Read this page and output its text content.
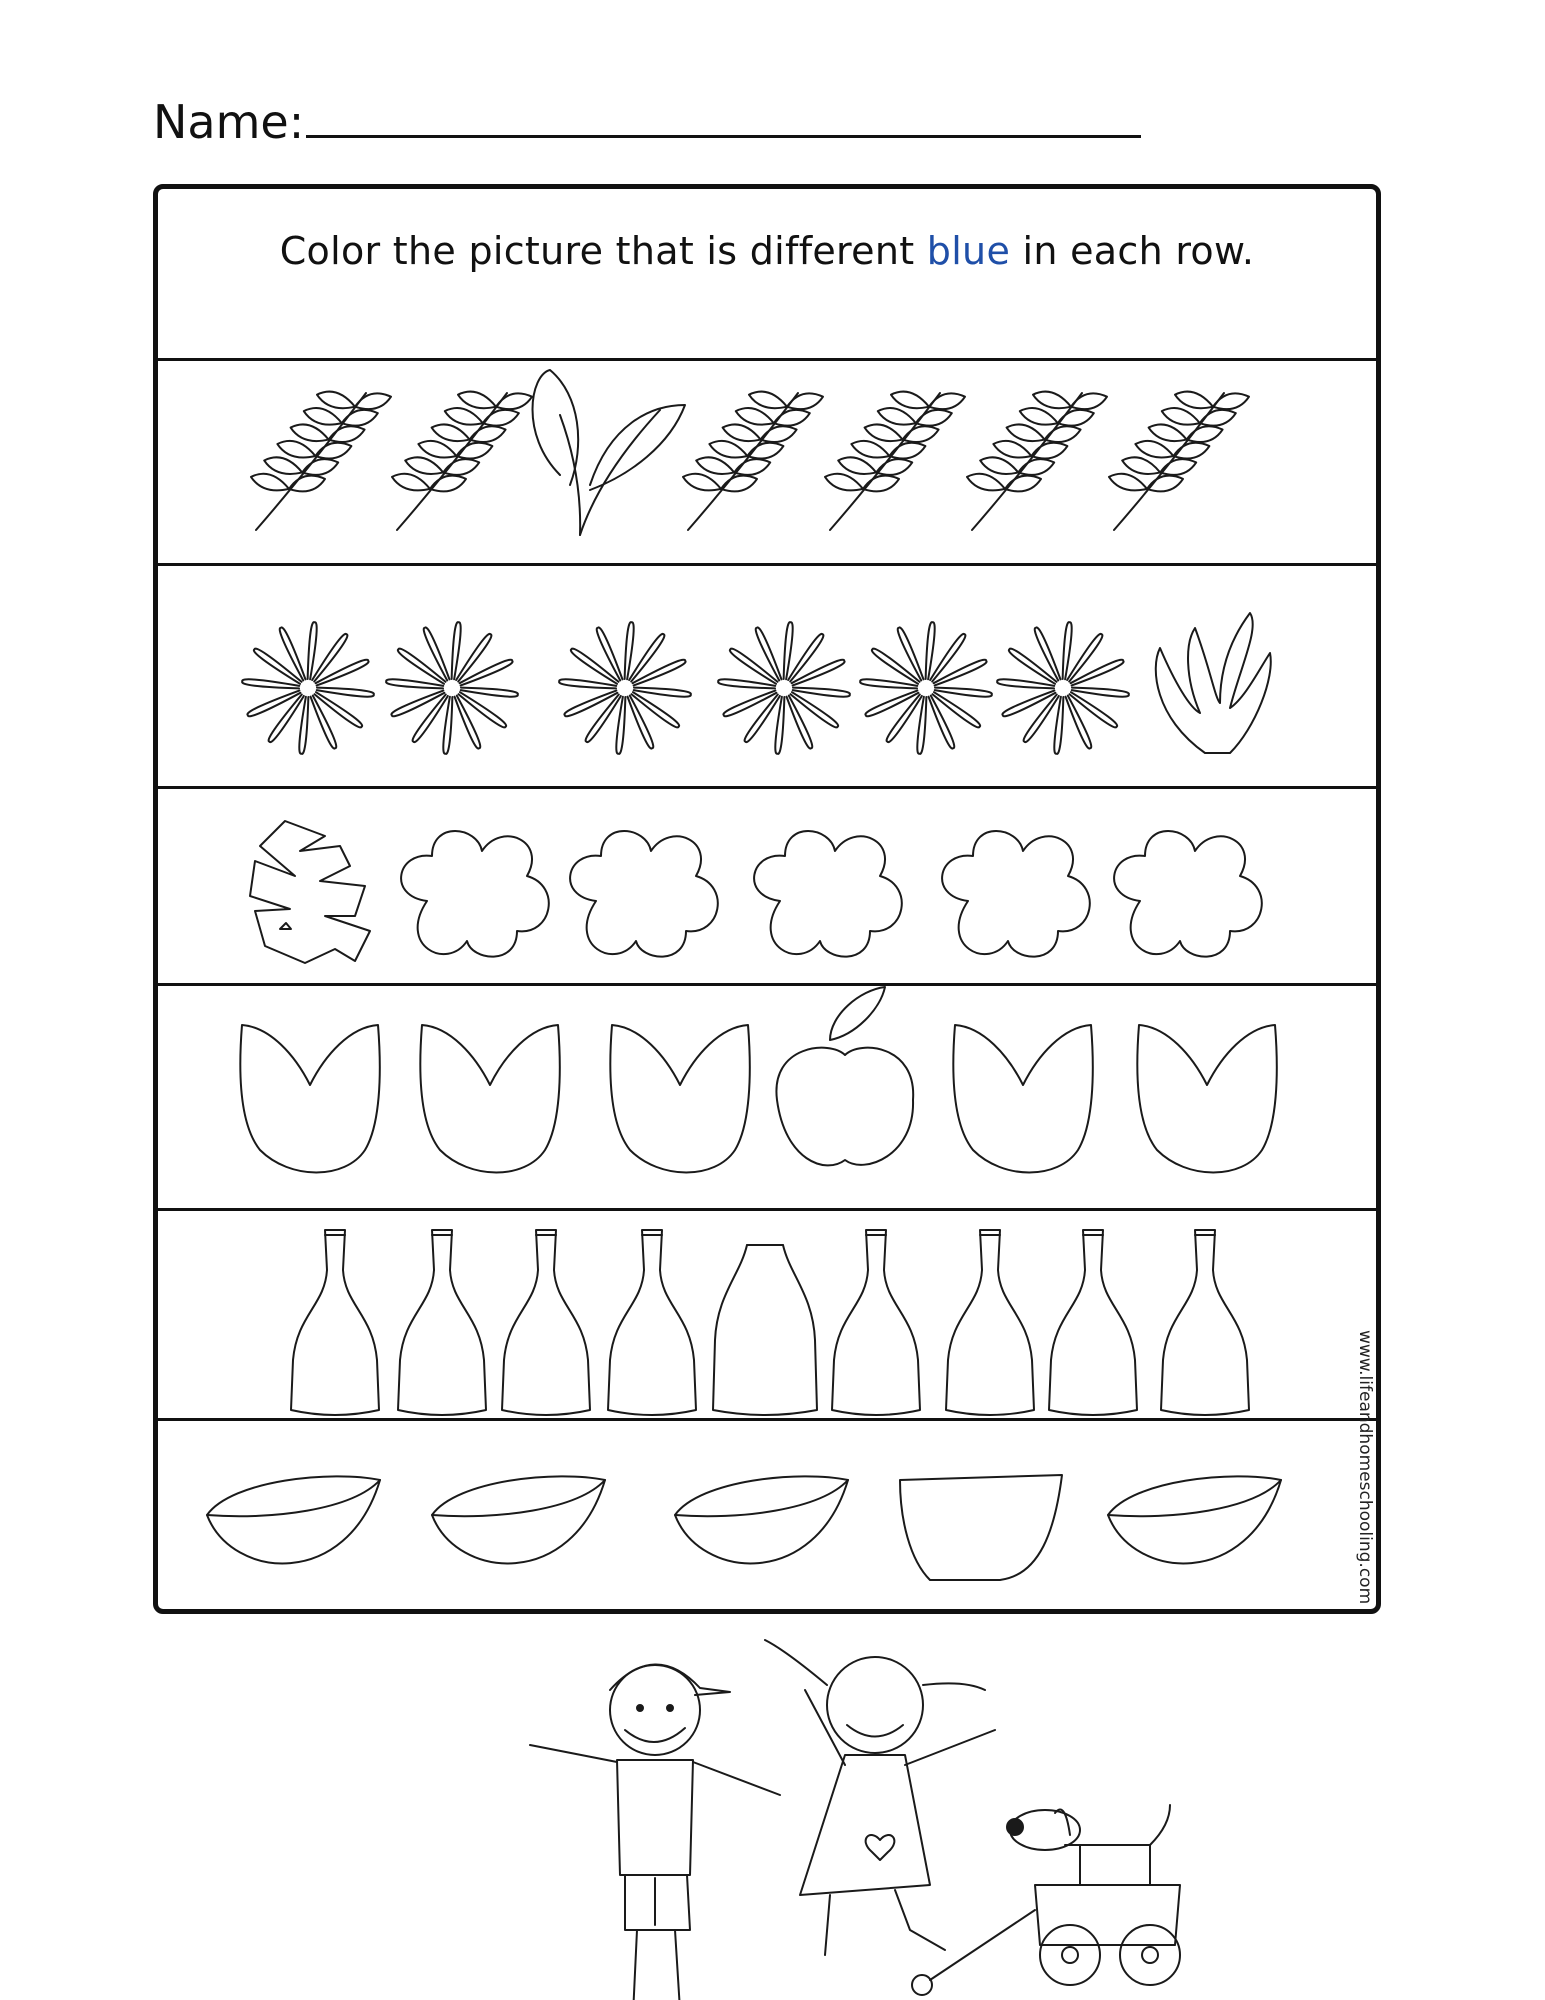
Name:
Color the picture that is different blue in each row.
www.lifeandhomeschooling.com
